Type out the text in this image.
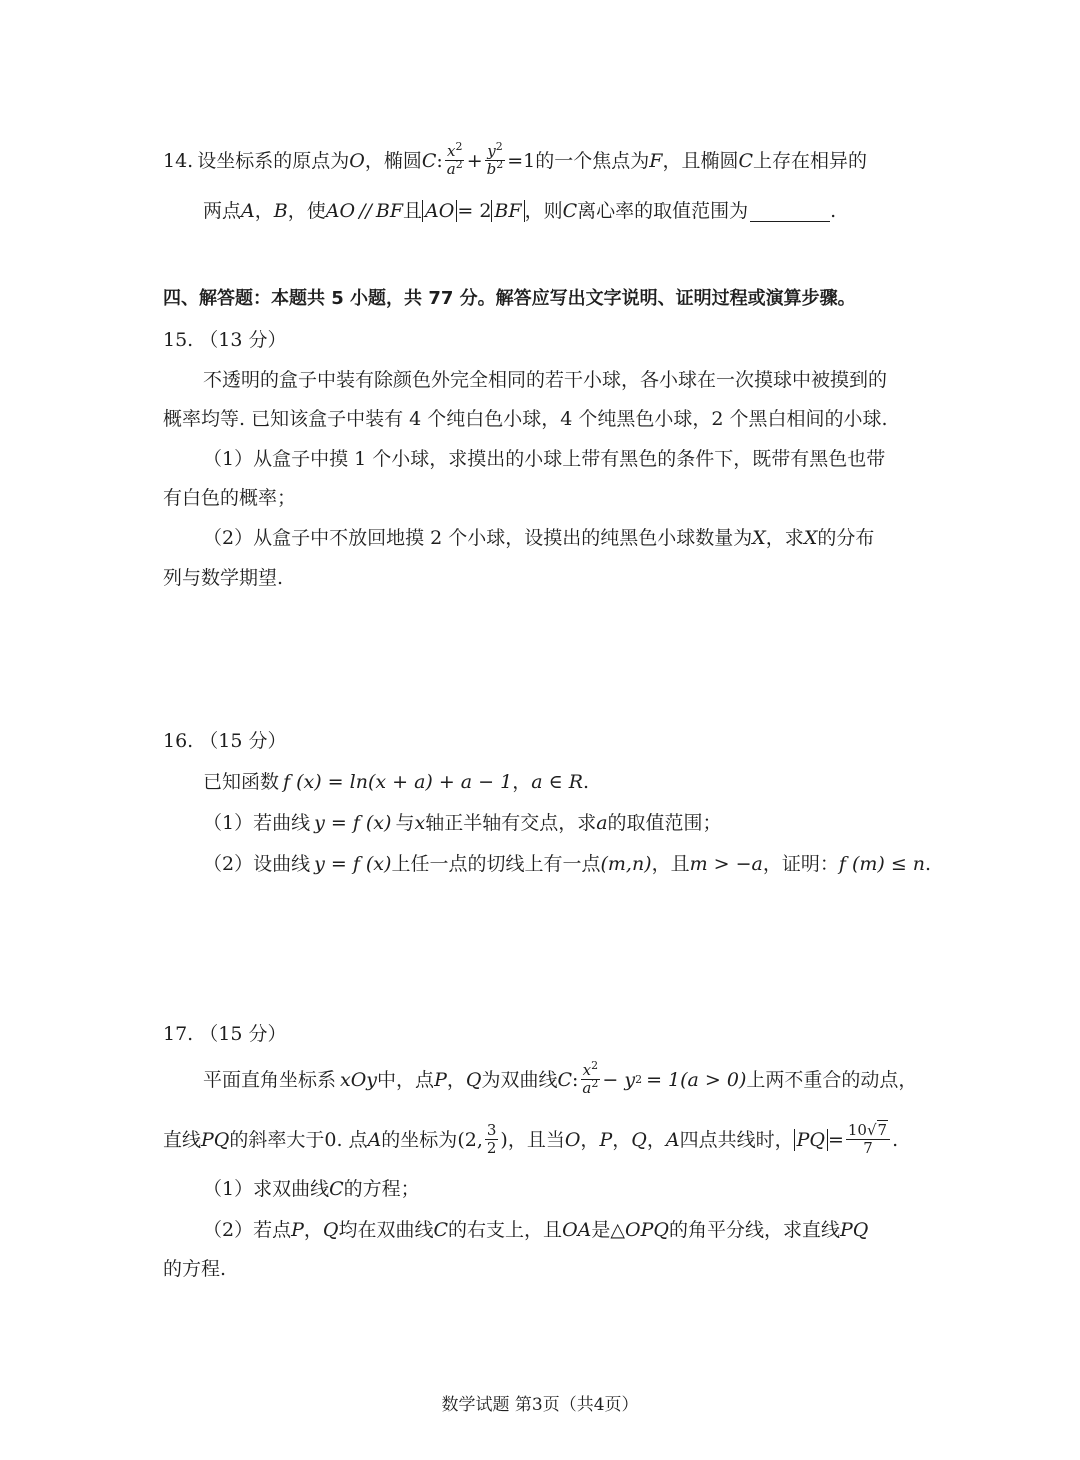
14. 设坐标系的原点为 O ，椭圆 C : $\frac{x^2}{a^2} + \frac{y^2}{b^2} =1$ 的一个焦点为 F ，且椭圆 C 上存在相异的
两点 A ， B ，使 AO // BF 且 AO = 2 BF ，则 C 离心率的取值范围为	.
四、解答题：本题共 5 小题，共 77 分。解答应写出文字说明、证明过程或演算步骤。
15. （13 分）
不透明的盒子中装有除颜色外完全相同的若干小球，各小球在一次摸球中被摸到的
概率均等. 已知该盒子中装有 4 个纯白色小球，4 个纯黑色小球，2 个黑白相间的小球.
（1）从盒子中摸 1 个小球，求摸出的小球上带有黑色的条件下，既带有黑色也带
有白色的概率；
（2）从盒子中不放回地摸 2 个小球，设摸出的纯黑色小球数量为 X ，求 X 的分布
列与数学期望.
16. （15 分）
已知函数 f (x) = ln(x + a) + a − 1 ， a ∈ R .
（1）若曲线 y = f (x) 与 x 轴正半轴有交点，求 a 的取值范围；
（2）设曲线 y = f (x) 上任一点的切线上有一点 (m,n) ，且 m > −a ，证明： f (m) ≤ n .
17. （15 分）
平面直角坐标系 xOy 中，点 P ， Q 为双曲线 C : $\frac{x^2}{a^2} - y$ 2 = 1(a > 0) 上两不重合的动点，
直线 PQ 的斜率大于0. 点 A 的坐标为 (2, $\frac{3}{2}$ ) ，且当 O ， P ， Q ， A 四点共线时， PQ = $\frac{10√7}{7}$ .
（1）求双曲线 C 的方程；
（2）若点 P ， Q 均在双曲线 C 的右支上，且 OA 是 △OPQ 的角平分线，求直线 PQ
的方程.
数学试题 第3页（共4页）
